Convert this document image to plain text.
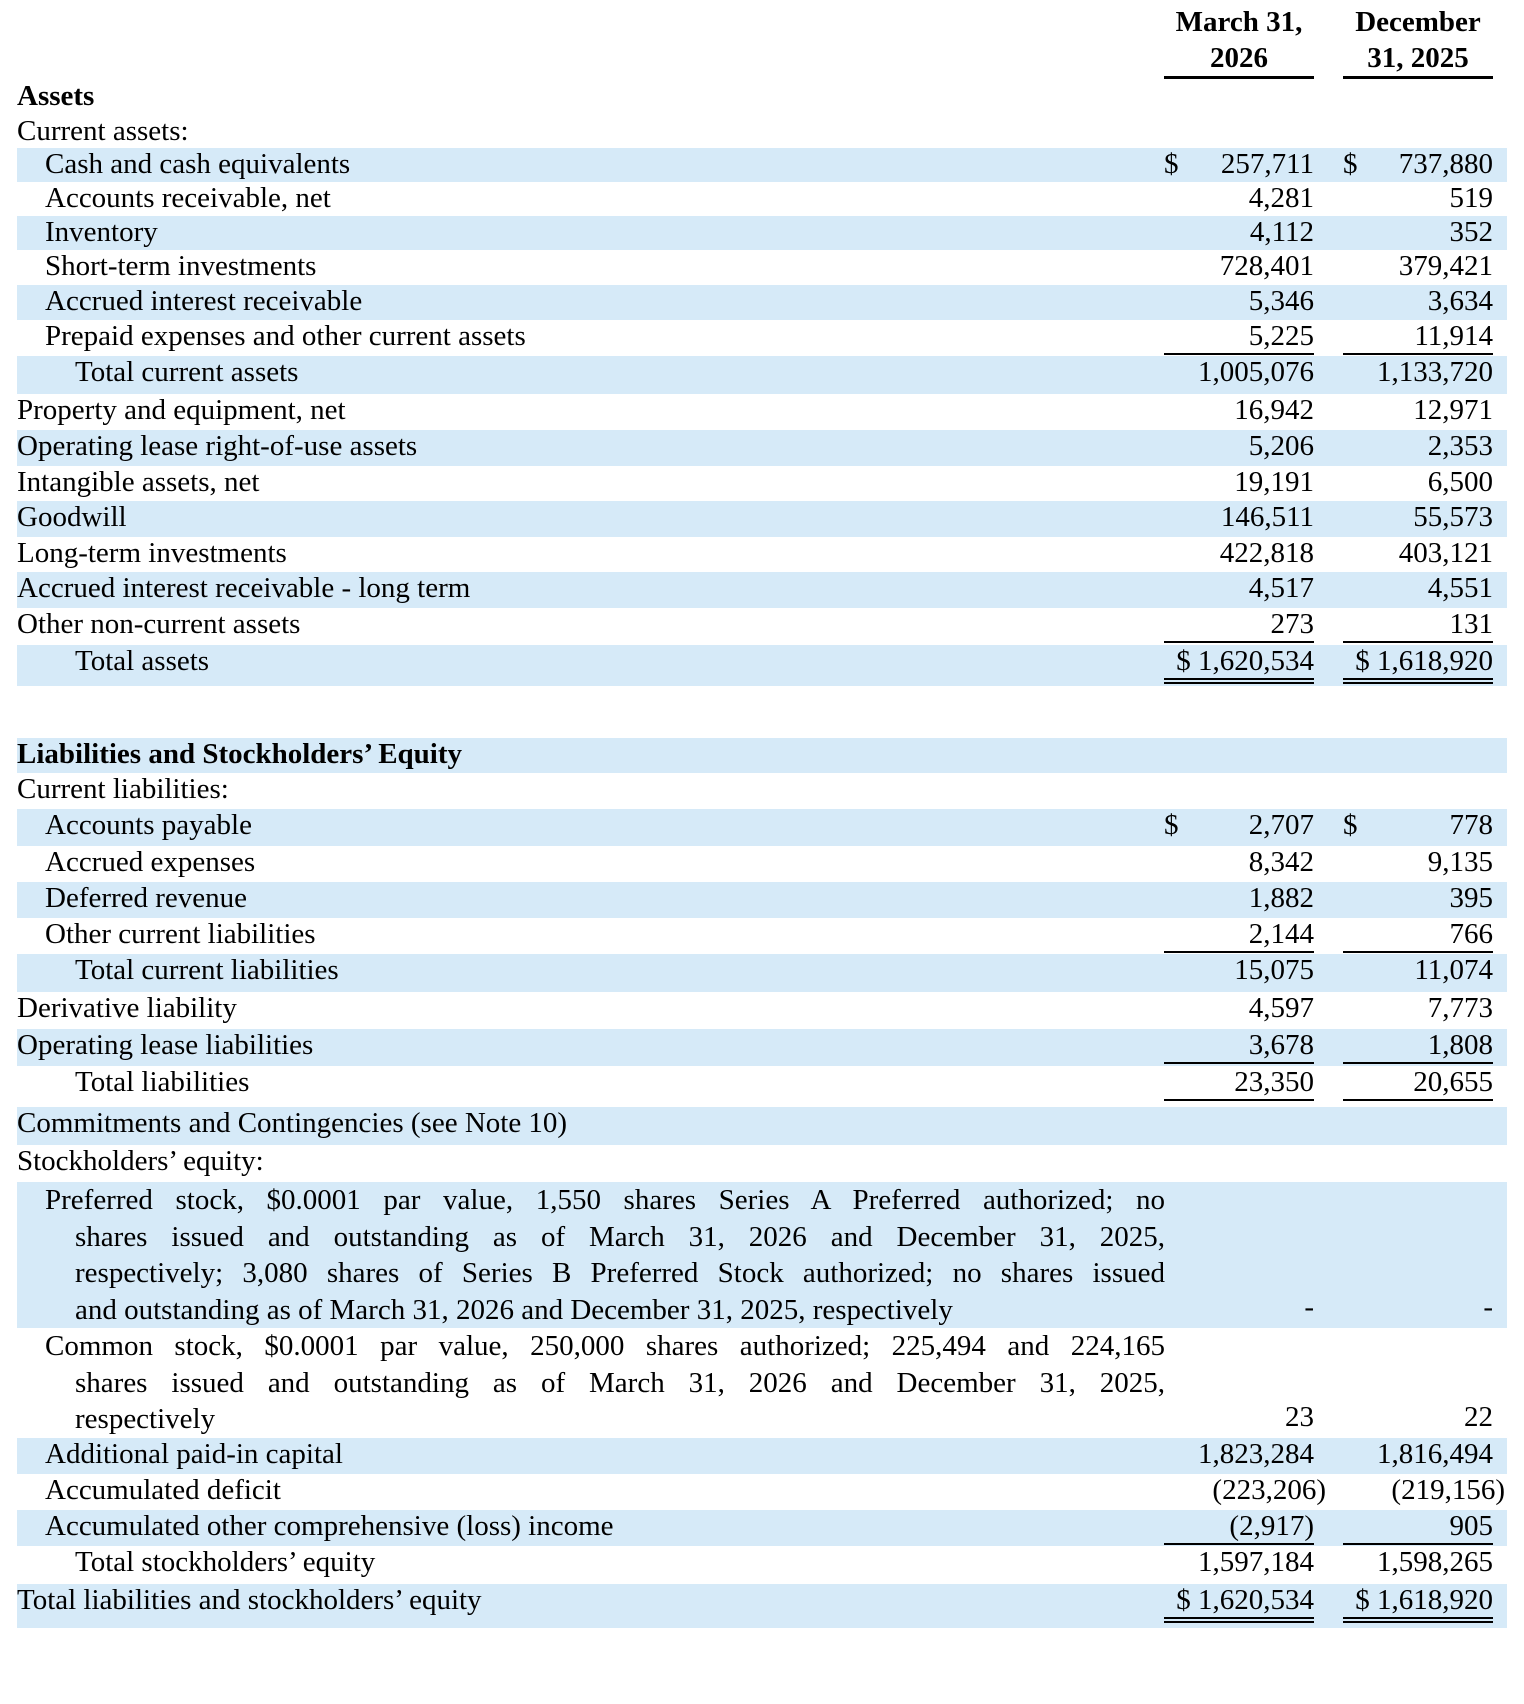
March 31,
2026
December
31, 2025
Assets
Current assets:
Cash and cash equivalents	$	257,711 $	737,880
Accounts receivable, net	4,281	519
Inventory	4,112	352
Short-term investments	728,401	379,421
Accrued interest receivable	5,346	3,634
Prepaid expenses and other current assets	5,225	11,914
Total current assets	1,005,076	1,133,720
Property and equipment, net	16,942	12,971
Operating lease right-of-use assets	5,206	2,353
Intangible assets, net	19,191	6,500
Goodwill	146,511	55,573
Long-term investments	422,818	403,121
Accrued interest receivable - long term	4,517	4,551
Other non-current assets	273	131
Total assets	$ 1,620,534	$ 1,618,920
Liabilities and Stockholders’ Equity
Current liabilities:
Accounts payable	$	2,707 $	778
Accrued expenses	8,342	9,135
Deferred revenue	1,882	395
Other current liabilities	2,144	766
Total current liabilities	15,075	11,074
Derivative liability	4,597	7,773
Operating lease liabilities	3,678	1,808
Total liabilities	23,350	20,655
Commitments and Contingencies (see Note 10)
Stockholders’ equity:
Preferred stock, $0.0001 par value, 1,550 shares Series A Preferred authorized; no
shares issued and outstanding as of March 31, 2026 and December 31, 2025,
respectively; 3,080 shares of Series B Preferred Stock authorized; no shares issued
and outstanding as of March 31, 2026 and December 31, 2025, respectively	-	-
Common stock, $0.0001 par value, 250,000 shares authorized; 225,494 and 224,165
shares issued and outstanding as of March 31, 2026 and December 31, 2025,
respectively	23	22
Additional paid-in capital	1,823,284	1,816,494
Accumulated deficit	(223,206)	(219,156)
Accumulated other comprehensive (loss) income	(2,917)	905
Total stockholders’ equity	1,597,184	1,598,265
Total liabilities and stockholders’ equity	$ 1,620,534	$ 1,618,920
